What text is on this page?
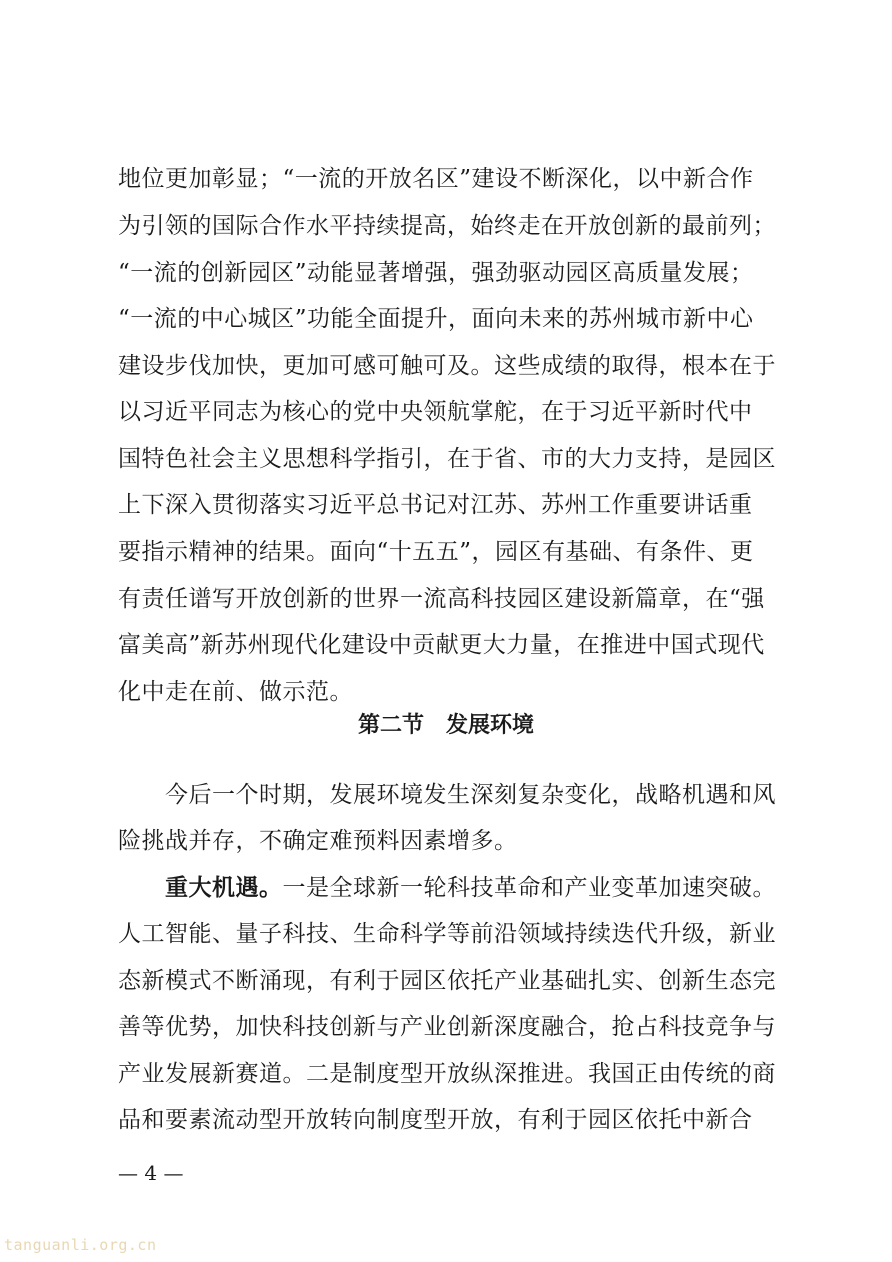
地位更加彰显；“一流的开放名区”建设不断深化，以中新合作
为引领的国际合作水平持续提高，始终走在开放创新的最前列；
“一流的创新园区”动能显著增强，强劲驱动园区高质量发展；
“一流的中心城区”功能全面提升，面向未来的苏州城市新中心
建设步伐加快，更加可感可触可及。这些成绩的取得，根本在于
以习近平同志为核心的党中央领航掌舵，在于习近平新时代中
国特色社会主义思想科学指引，在于省、市的大力支持，是园区
上下深入贯彻落实习近平总书记对江苏、苏州工作重要讲话重
要指示精神的结果。面向“十五五”，园区有基础、有条件、更
有责任谱写开放创新的世界一流高科技园区建设新篇章，在“强
富美高”新苏州现代化建设中贡献更大力量，在推进中国式现代
化中走在前、做示范。
第二节　发展环境
今后一个时期，发展环境发生深刻复杂变化，战略机遇和风
险挑战并存，不确定难预料因素增多。
重大机遇。一是全球新一轮科技革命和产业变革加速突破。
人工智能、量子科技、生命科学等前沿领域持续迭代升级，新业
态新模式不断涌现，有利于园区依托产业基础扎实、创新生态完
善等优势，加快科技创新与产业创新深度融合，抢占科技竞争与
产业发展新赛道。二是制度型开放纵深推进。我国正由传统的商
品和要素流动型开放转向制度型开放，有利于园区依托中新合
— 4 —
tanguanli.org.cn
